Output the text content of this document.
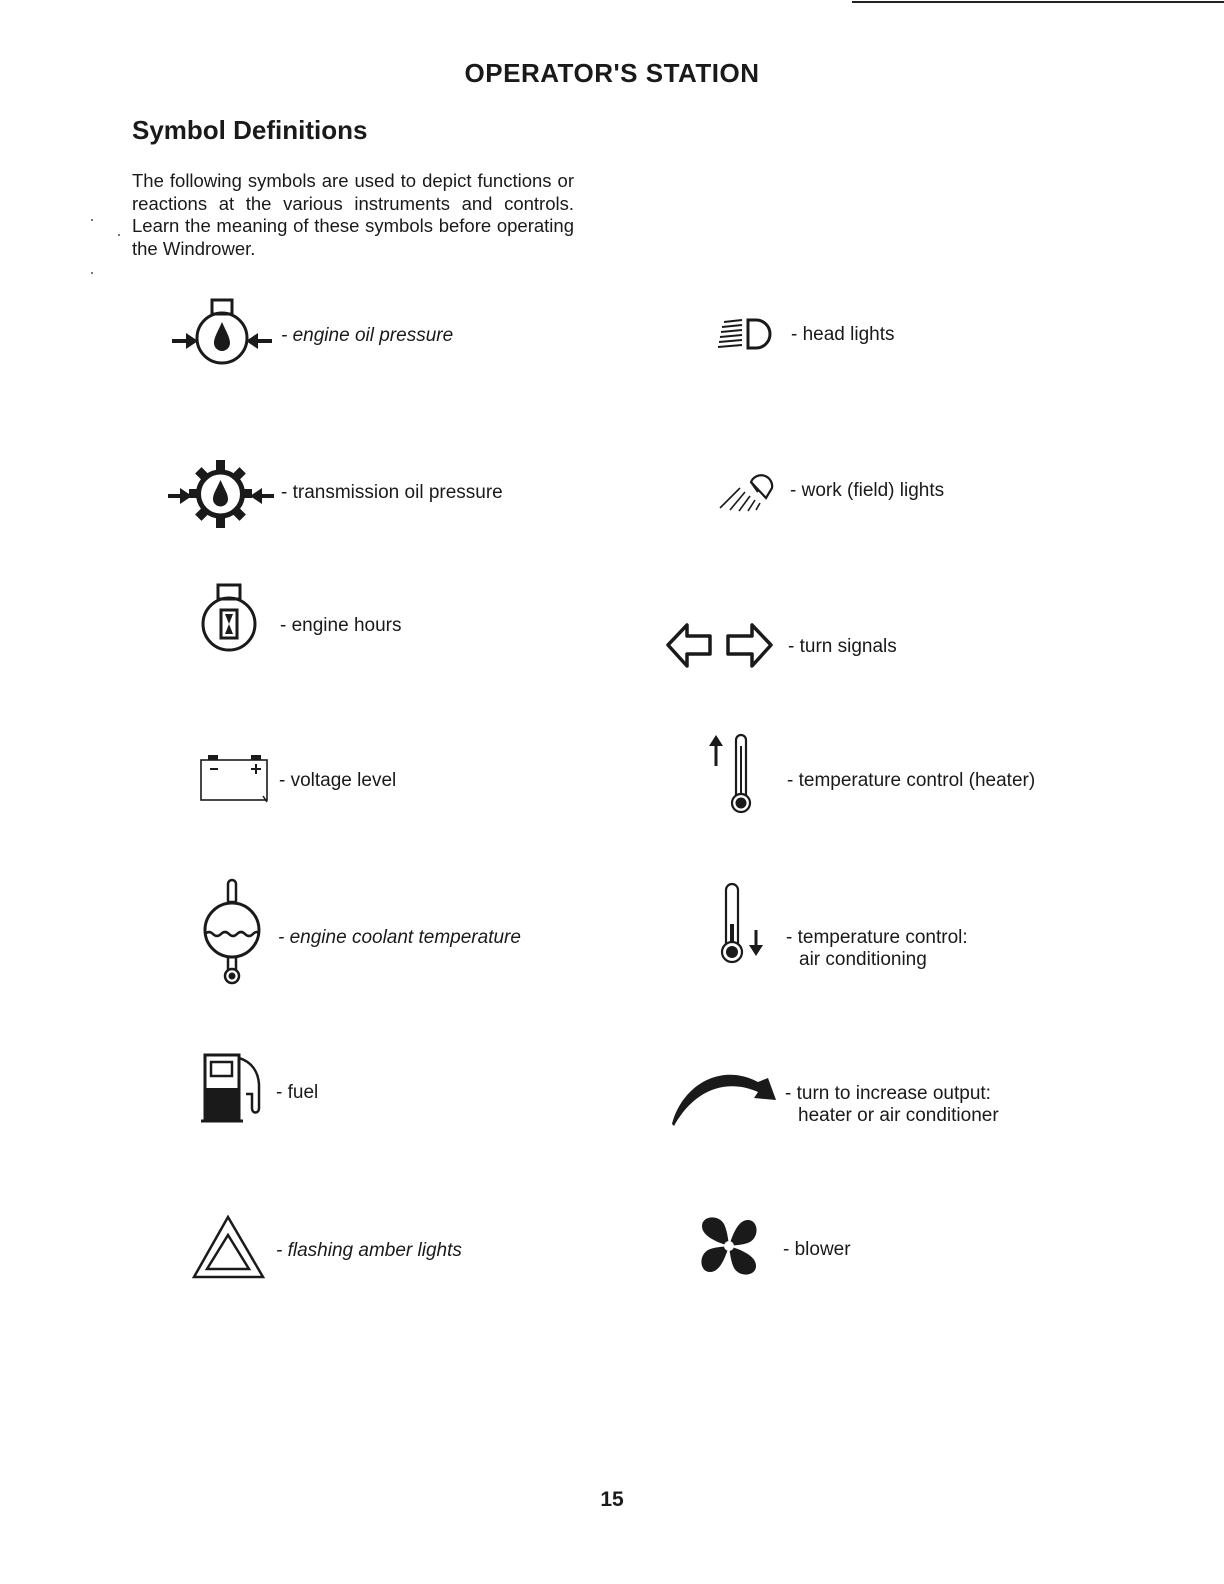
OPERATOR'S STATION
Symbol Definitions
The following symbols are used to depict functions or reactions at the various instruments and controls. Learn the meaning of these symbols before operating the Windrower.
- engine oil pressure
- transmission oil pressure
- engine hours
- voltage level
- engine coolant temperature
- fuel
- flashing amber lights
- head lights
- work (field) lights
- turn signals
- temperature control (heater)
- temperature control:
air conditioning
- turn to increase output:
heater or air conditioner
- blower
15
